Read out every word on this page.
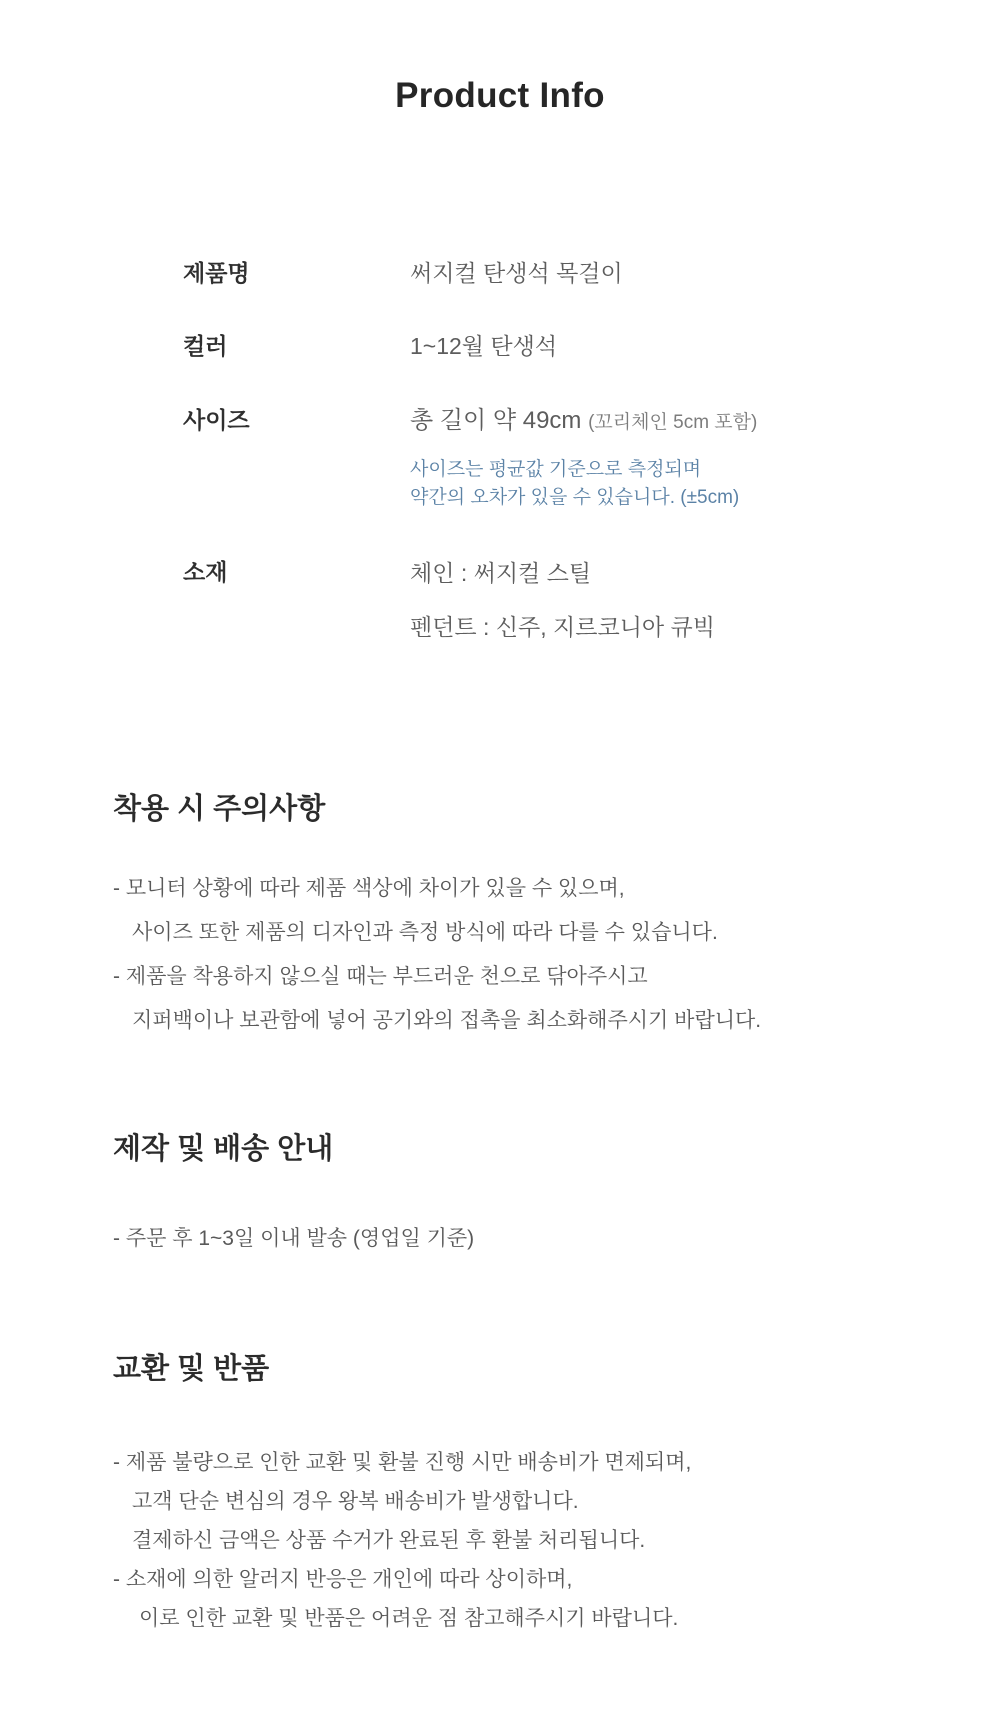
Product Info
제품명	써지컬 탄생석 목걸이
컬러	1~12월 탄생석
사이즈	총 길이 약 49cm (꼬리체인 5cm 포함)
사이즈는 평균값 기준으로 측정되며
약간의 오차가 있을 수 있습니다. (±5cm)
소재	체인 : 써지컬 스틸
펜던트 : 신주, 지르코니아 큐빅
착용 시 주의사항
- 모니터 상황에 따라 제품 색상에 차이가 있을 수 있으며,
사이즈 또한 제품의 디자인과 측정 방식에 따라 다를 수 있습니다.
- 제품을 착용하지 않으실 때는 부드러운 천으로 닦아주시고
지퍼백이나 보관함에 넣어 공기와의 접촉을 최소화해주시기 바랍니다.
제작 및 배송 안내
- 주문 후 1~3일 이내 발송 (영업일 기준)
교환 및 반품
- 제품 불량으로 인한 교환 및 환불 진행 시만 배송비가 면제되며,
고객 단순 변심의 경우 왕복 배송비가 발생합니다.
결제하신 금액은 상품 수거가 완료된 후 환불 처리됩니다.
- 소재에 의한 알러지 반응은 개인에 따라 상이하며,
이로 인한 교환 및 반품은 어려운 점 참고해주시기 바랍니다.
